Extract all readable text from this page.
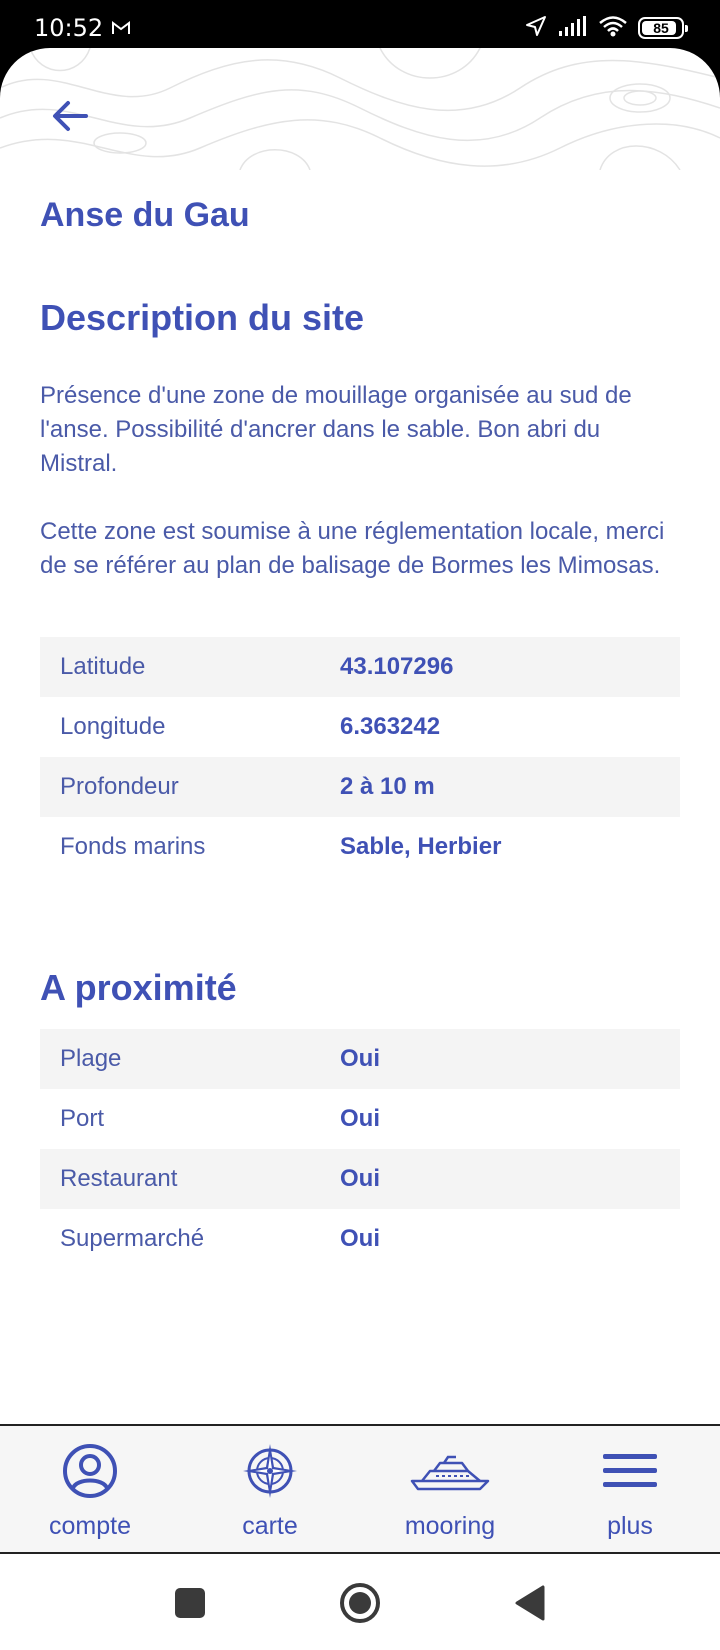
10:52	85
Anse du Gau
Description du site

Présence d'une zone de mouillage organisée au sud de l'anse. Possibilité d'ancrer dans le sable. Bon abri du Mistral.

Cette zone est soumise à une réglementation locale, merci de se référer au plan de balisage de Bormes les Mimosas.

Latitude	43.107296
Longitude	6.363242
Profondeur	2 à 10 m
Fonds marins	Sable, Herbier
A proximité
Plage	Oui
Port	Oui
Restaurant	Oui
Supermarché	Oui
compte	carte	mooring	plus
